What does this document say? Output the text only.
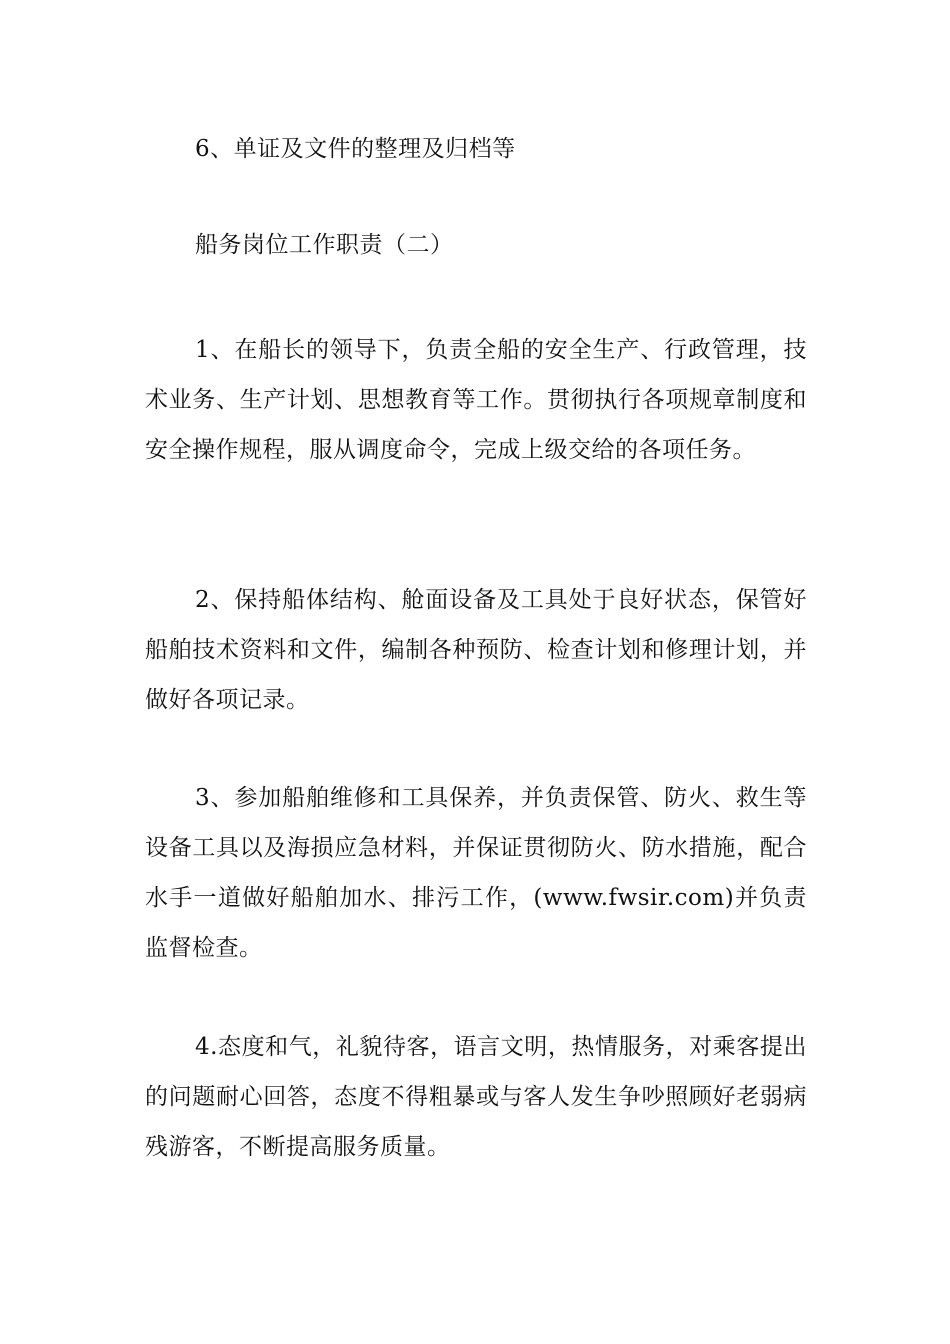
6、单证及文件的整理及归档等

船务岗位工作职责（二）

1、在船长的领导下，负责全船的安全生产、行政管理，技术业务、生产计划、思想教育等工作。贯彻执行各项规章制度和安全操作规程，服从调度命令，完成上级交给的各项任务。

2、保持船体结构、舱面设备及工具处于良好状态，保管好船舶技术资料和文件，编制各种预防、检查计划和修理计划，并做好各项记录。

3、参加船舶维修和工具保养，并负责保管、防火、救生等设备工具以及海损应急材料，并保证贯彻防火、防水措施，配合水手一道做好船舶加水、排污工作，(www.fwsir.com)并负责监督检查。

4.态度和气，礼貌待客，语言文明，热情服务，对乘客提出的问题耐心回答，态度不得粗暴或与客人发生争吵照顾好老弱病残游客，不断提高服务质量。
